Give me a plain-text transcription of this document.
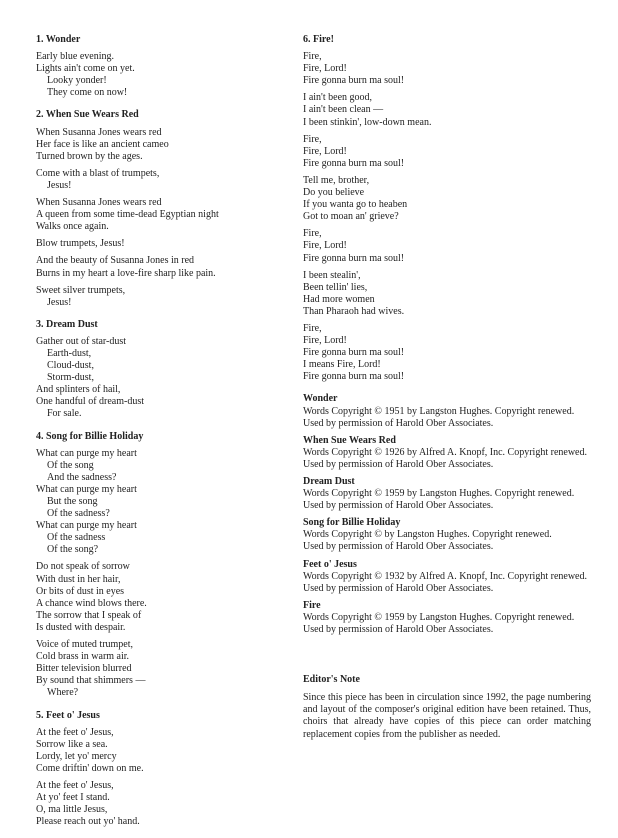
1. Wonder
Early blue evening.
Lights ain't come on yet.
Looky yonder!
They come on now!
2. When Sue Wears Red
When Susanna Jones wears red
Her face is like an ancient cameo
Turned brown by the ages.
Come with a blast of trumpets,
Jesus!
When Susanna Jones wears red
A queen from some time-dead Egyptian night
Walks once again.
Blow trumpets, Jesus!
And the beauty of Susanna Jones in red
Burns in my heart a love-fire sharp like pain.
Sweet silver trumpets,
Jesus!
3. Dream Dust
Gather out of star-dust
Earth-dust,
Cloud-dust,
Storm-dust,
And splinters of hail,
One handful of dream-dust
For sale.
4. Song for Billie Holiday
What can purge my heart
Of the song
And the sadness?
What can purge my heart
But the song
Of the sadness?
What can purge my heart
Of the sadness
Of the song?
Do not speak of sorrow
With dust in her hair,
Or bits of dust in eyes
A chance wind blows there.
The sorrow that I speak of
Is dusted with despair.
Voice of muted trumpet,
Cold brass in warm air.
Bitter television blurred
By sound that shimmers —
Where?
5. Feet o' Jesus
At the feet o' Jesus,
Sorrow like a sea.
Lordy, let yo' mercy
Come driftin' down on me.
At the feet o' Jesus,
At yo' feet I stand.
O, ma little Jesus,
Please reach out yo' hand.
6. Fire!
Fire,
Fire, Lord!
Fire gonna burn ma soul!
I ain't been good,
I ain't been clean —
I been stinkin', low-down mean.
Fire,
Fire, Lord!
Fire gonna burn ma soul!
Tell me, brother,
Do you believe
If you wanta go to heaben
Got to moan an' grieve?
Fire,
Fire, Lord!
Fire gonna burn ma soul!
I been stealin',
Been tellin' lies,
Had more women
Than Pharaoh had wives.
Fire,
Fire, Lord!
Fire gonna burn ma soul!
I means Fire, Lord!
Fire gonna burn ma soul!
Wonder
Words Copyright © 1951 by Langston Hughes. Copyright renewed.
Used by permission of Harold Ober Associates.
When Sue Wears Red
Words Copyright © 1926 by Alfred A. Knopf, Inc. Copyright renewed.
Used by permission of Harold Ober Associates.
Dream Dust
Words Copyright © 1959 by Langston Hughes. Copyright renewed.
Used by permission of Harold Ober Associates.
Song for Billie Holiday
Words Copyright © by Langston Hughes. Copyright renewed.
Used by permission of Harold Ober Associates.
Feet o' Jesus
Words Copyright © 1932 by Alfred A. Knopf, Inc. Copyright renewed.
Used by permission of Harold Ober Associates.
Fire
Words Copyright © 1959 by Langston Hughes. Copyright renewed.
Used by permission of Harold Ober Associates.
Editor's Note
Since this piece has been in circulation since 1992, the page numbering and layout of the composer's original edition have been retained. Thus, choirs that already have copies of this piece can order matching replacement copies from the publisher as needed.
